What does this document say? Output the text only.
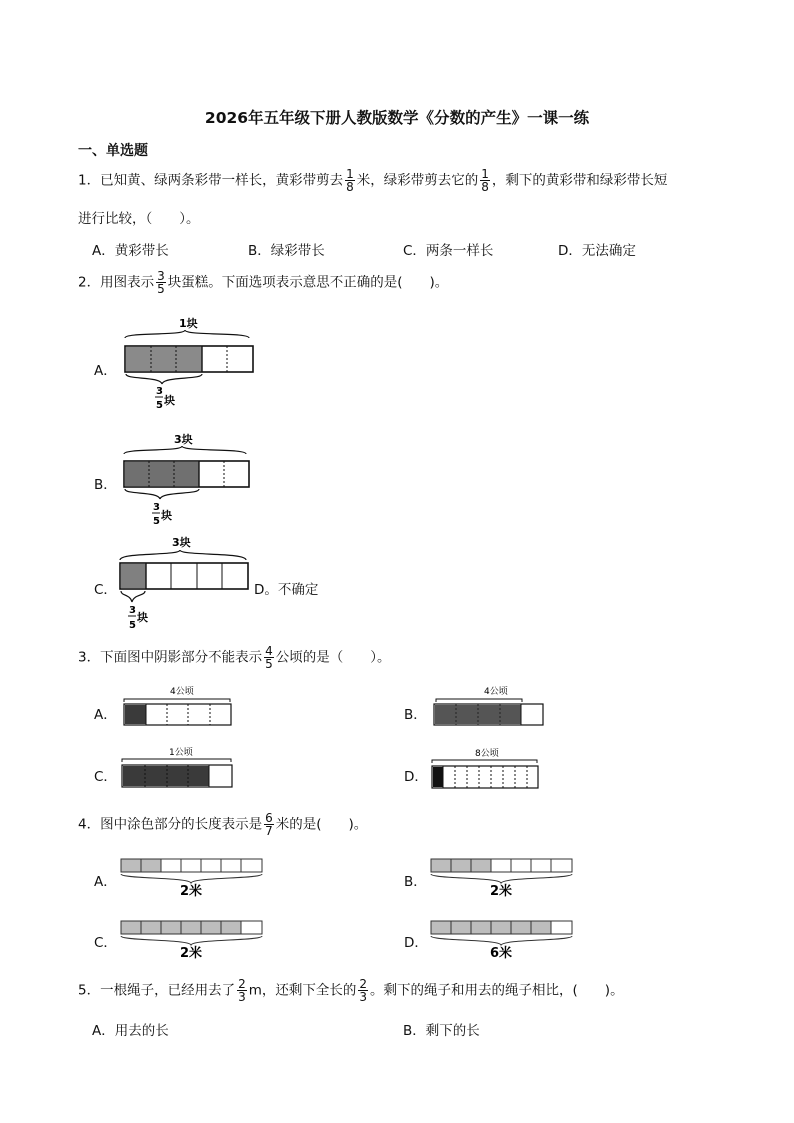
2026年五年级下册人教版数学《分数的产生》一课一练
一、单选题
1．已知黄、绿两条彩带一样长，黄彩带剪去 $\frac{1}{8}$ 米，绿彩带剪去它的 $\frac{1}{8}$ ，剩下的黄彩带和绿彩带长短
进行比较，（　　）。
A．黄彩带长	B．绿彩带长	C．两条一样长	D．无法确定
2．用图表示 $\frac{3}{5}$ 块蛋糕。下面选项表示意思不正确的是(　　)。
A．
1块
3
5 块
B．
3块
3
5 块
C．
3块
3
5
块
D。不确定
3．下面图中阴影部分不能表示 $\frac{4}{5}$ 公顷的是（　　）。
A．
4公顷
B．
4公顷
C．
1公顷
D．
8公顷
4．图中涂色部分的长度表示是 $\frac{6}{7}$ 米的是(　　)。
A．
2米
B．
2米
C．
2米
D．
6米
5．一根绳子，已经用去了 $\frac{2}{3}$ m，还剩下全长的 $\frac{2}{3}$ 。剩下的绳子和用去的绳子相比，(　　)。
A．用去的长	B．剩下的长
